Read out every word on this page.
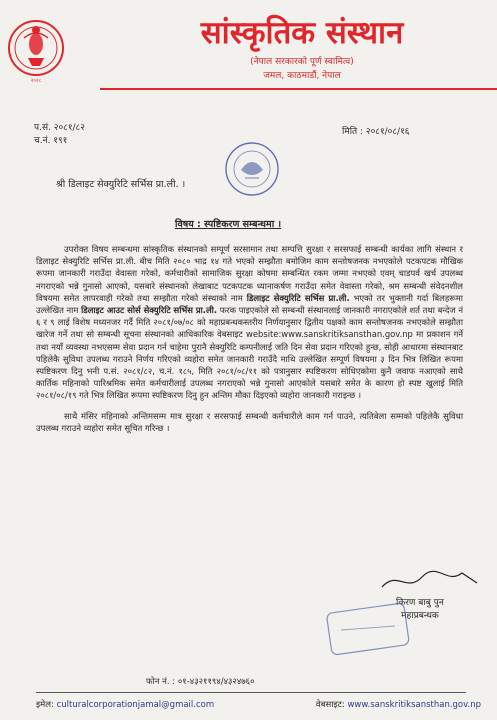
२०२८
सांस्कृतिक संस्थान
(नेपाल सरकारको पूर्ण स्वामित्व)
जमल, काठमाडौं, नेपाल
प.सं. २०८१/८२
च.नं. १९१
मिति : २०८१/०८/१६
श्री डिलाइट सेक्युरिटि सर्भिस प्रा.ली. ।
विषय : स्पष्टिकरण सम्बन्धमा ।

उपरोक्त विषय सम्बन्धमा सांस्कृतिक संस्थानको सम्पूर्ण सरसामान तथा सम्पत्ति सुरक्षा र सरसफाई सम्बन्धी कार्यका लागि संस्थान र डिलाइट सेक्युरिटि सर्भिस प्रा.ली. बीच मिति २०८० भाद्र १४ गते भएको सम्झौता बमोजिम काम सन्तोषजनक नभएकोले पटकपटक मौखिक रूपमा जानकारी गराउँदा वेवास्ता गरेको, कर्मचारीको सामाजिक सुरक्षा कोषमा सम्बन्धित रकम जम्मा नभएको एवम् चाडपर्व खर्च उपलब्ध नगराएको भन्ने गुनासो आएको, यसबारे संस्थानको लेखाबाट पटकपटक ध्यानाकर्षण गराउँदा समेत वेवास्ता गरेको, श्रम सम्बन्धी संवेदनशील विषयमा समेत लापरवाही गरेको तथा सम्झौता गरेको संस्थाको नाम डिलाइट सेक्युरिटि सर्भिस प्रा.ली. भएको तर भुक्तानी गर्दा बिलहरूमा उल्लेखित नाम डिलाइट आउट सोर्स सेक्युरिटि सर्भिस प्रा.ली. फरक पाइएकोले सो सम्बन्धी संस्थानलाई जानकारी नगराएकोले शर्त तथा बन्देज नं ६ र ९ लाई विशेष मध्यनजर गर्दै मिति २०८१/०७/०८ को महाप्रबन्धकस्तरीय निर्णयानुसार द्वितीय पक्षको काम सन्तोषजनक नभएकोले सम्झौता खारेज गर्ने तथा सो सम्बन्धी सूचना संस्थानको आधिकारिक वेबसाइट website:www.sanskritiksansthan.gov.np मा प्रकाशन गर्ने तथा नयाँ व्यवस्था नभएसम्म सेवा प्रदान गर्न चाहेमा पुरानै सेक्युरिटि कम्पनीलाई जति दिन सेवा प्रदान गरिएको हुन्छ, सोही आधारमा संस्थानबाट पहिलेकै सुविधा उपलब्ध गराउने निर्णय गरिएको व्यहोरा समेत जानकारी गराउँदै माथि उल्लेखित सम्पूर्ण विषयमा ३ दिन भित्र लिखित रूपमा स्पष्टिकरण दिनु भनी प.सं. २०८१/८२, च.नं. १८५, मिति २०८१/०८/११ को पत्रानुसार स्पष्टिकरण सोधिएकोमा कुनै जवाफ नआएको साथै कार्तिक महिनाको पारिश्रमिक समेत कर्मचारीलाई उपलब्ध नगराएको भन्ने गुनासो आएकोले यसबारे समेत के कारण हो स्पष्ट खुलाई मिति २०८१/०८/१९ गते भित्र लिखित रूपमा स्पष्टिकरण दिनु हुन अन्तिम मौका दिइएको व्यहोरा जानकारी गराइन्छ ।

साथै मंसिर महिनाको अन्तिमसम्म मात्र सुरक्षा र सरसफाई सम्बन्धी कर्मचारीले काम गर्न पाउने, त्यतिबेला सम्मको पहिलेकै सुविधा उपलब्ध गराउने व्यहोरा समेत सूचित गरिन्छ ।

किरण बाबु पुन
महाप्रबन्धक
फोन नं. : ०१-४३२११९४/४३२४७६०
इमेल: culturalcorporationjamal@gmail.com	वेबसाइट: www.sanskritiksansthan.gov.np
